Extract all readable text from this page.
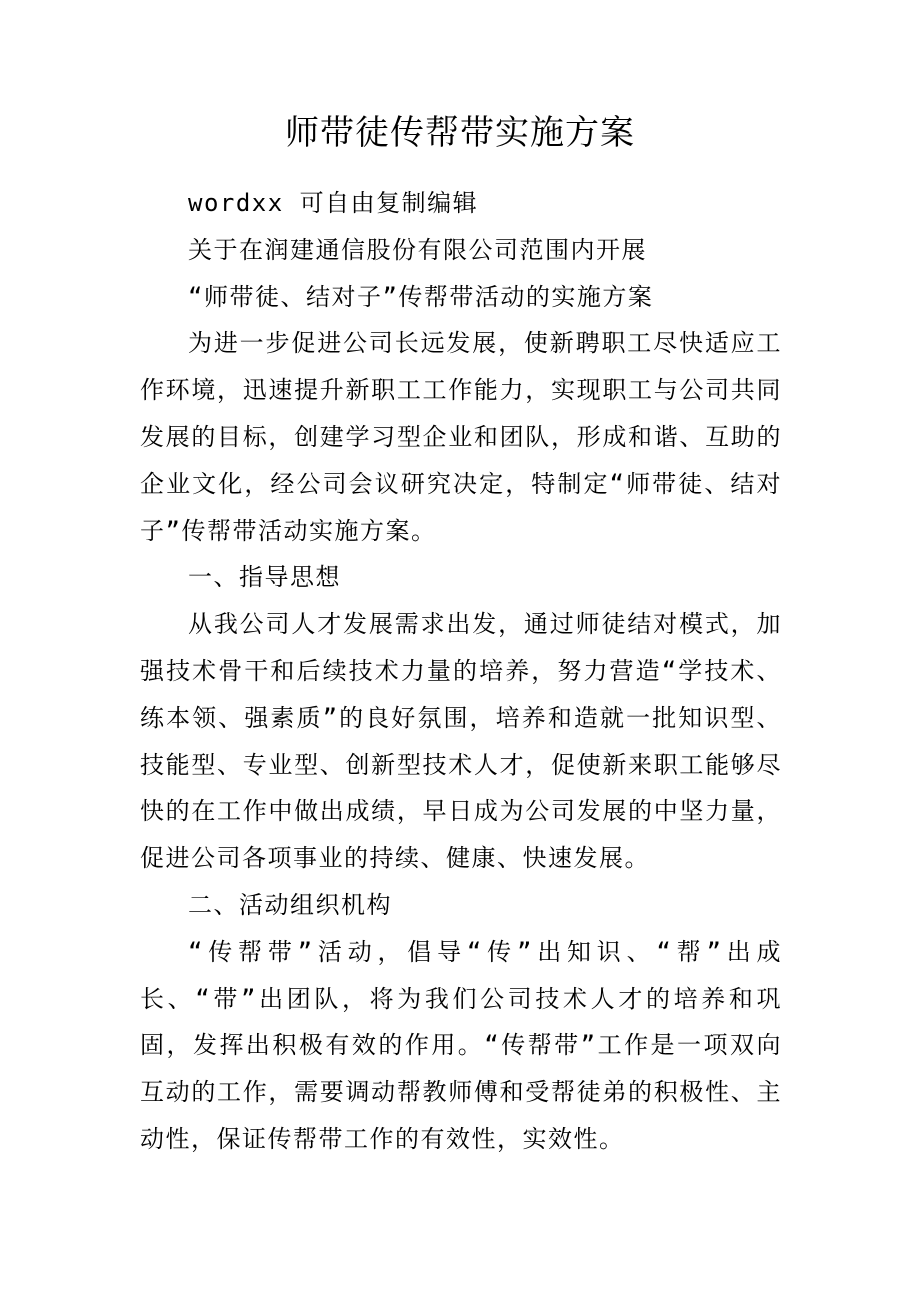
师带徒传帮带实施方案

wordxx 可自由复制编辑

关于在润建通信股份有限公司范围内开展

“师带徒、结对子”传帮带活动的实施方案

为进一步促进公司长远发展，使新聘职工尽快适应工作环境，迅速提升新职工工作能力，实现职工与公司共同发展的目标，创建学习型企业和团队，形成和谐、互助的企业文化，经公司会议研究决定，特制定“师带徒、结对子”传帮带活动实施方案。

一、指导思想

从我公司人才发展需求出发，通过师徒结对模式，加强技术骨干和后续技术力量的培养，努力营造“学技术、练本领、强素质”的良好氛围，培养和造就一批知识型、技能型、专业型、创新型技术人才，促使新来职工能够尽快的在工作中做出成绩，早日成为公司发展的中坚力量，促进公司各项事业的持续、健康、快速发展。

二、活动组织机构

“传帮带”活动，倡导“传”出知识、“帮”出成长、“带”出团队，将为我们公司技术人才的培养和巩固，发挥出积极有效的作用。“传帮带”工作是一项双向互动的工作，需要调动帮教师傅和受帮徒弟的积极性、主动性，保证传帮带工作的有效性，实效性。
